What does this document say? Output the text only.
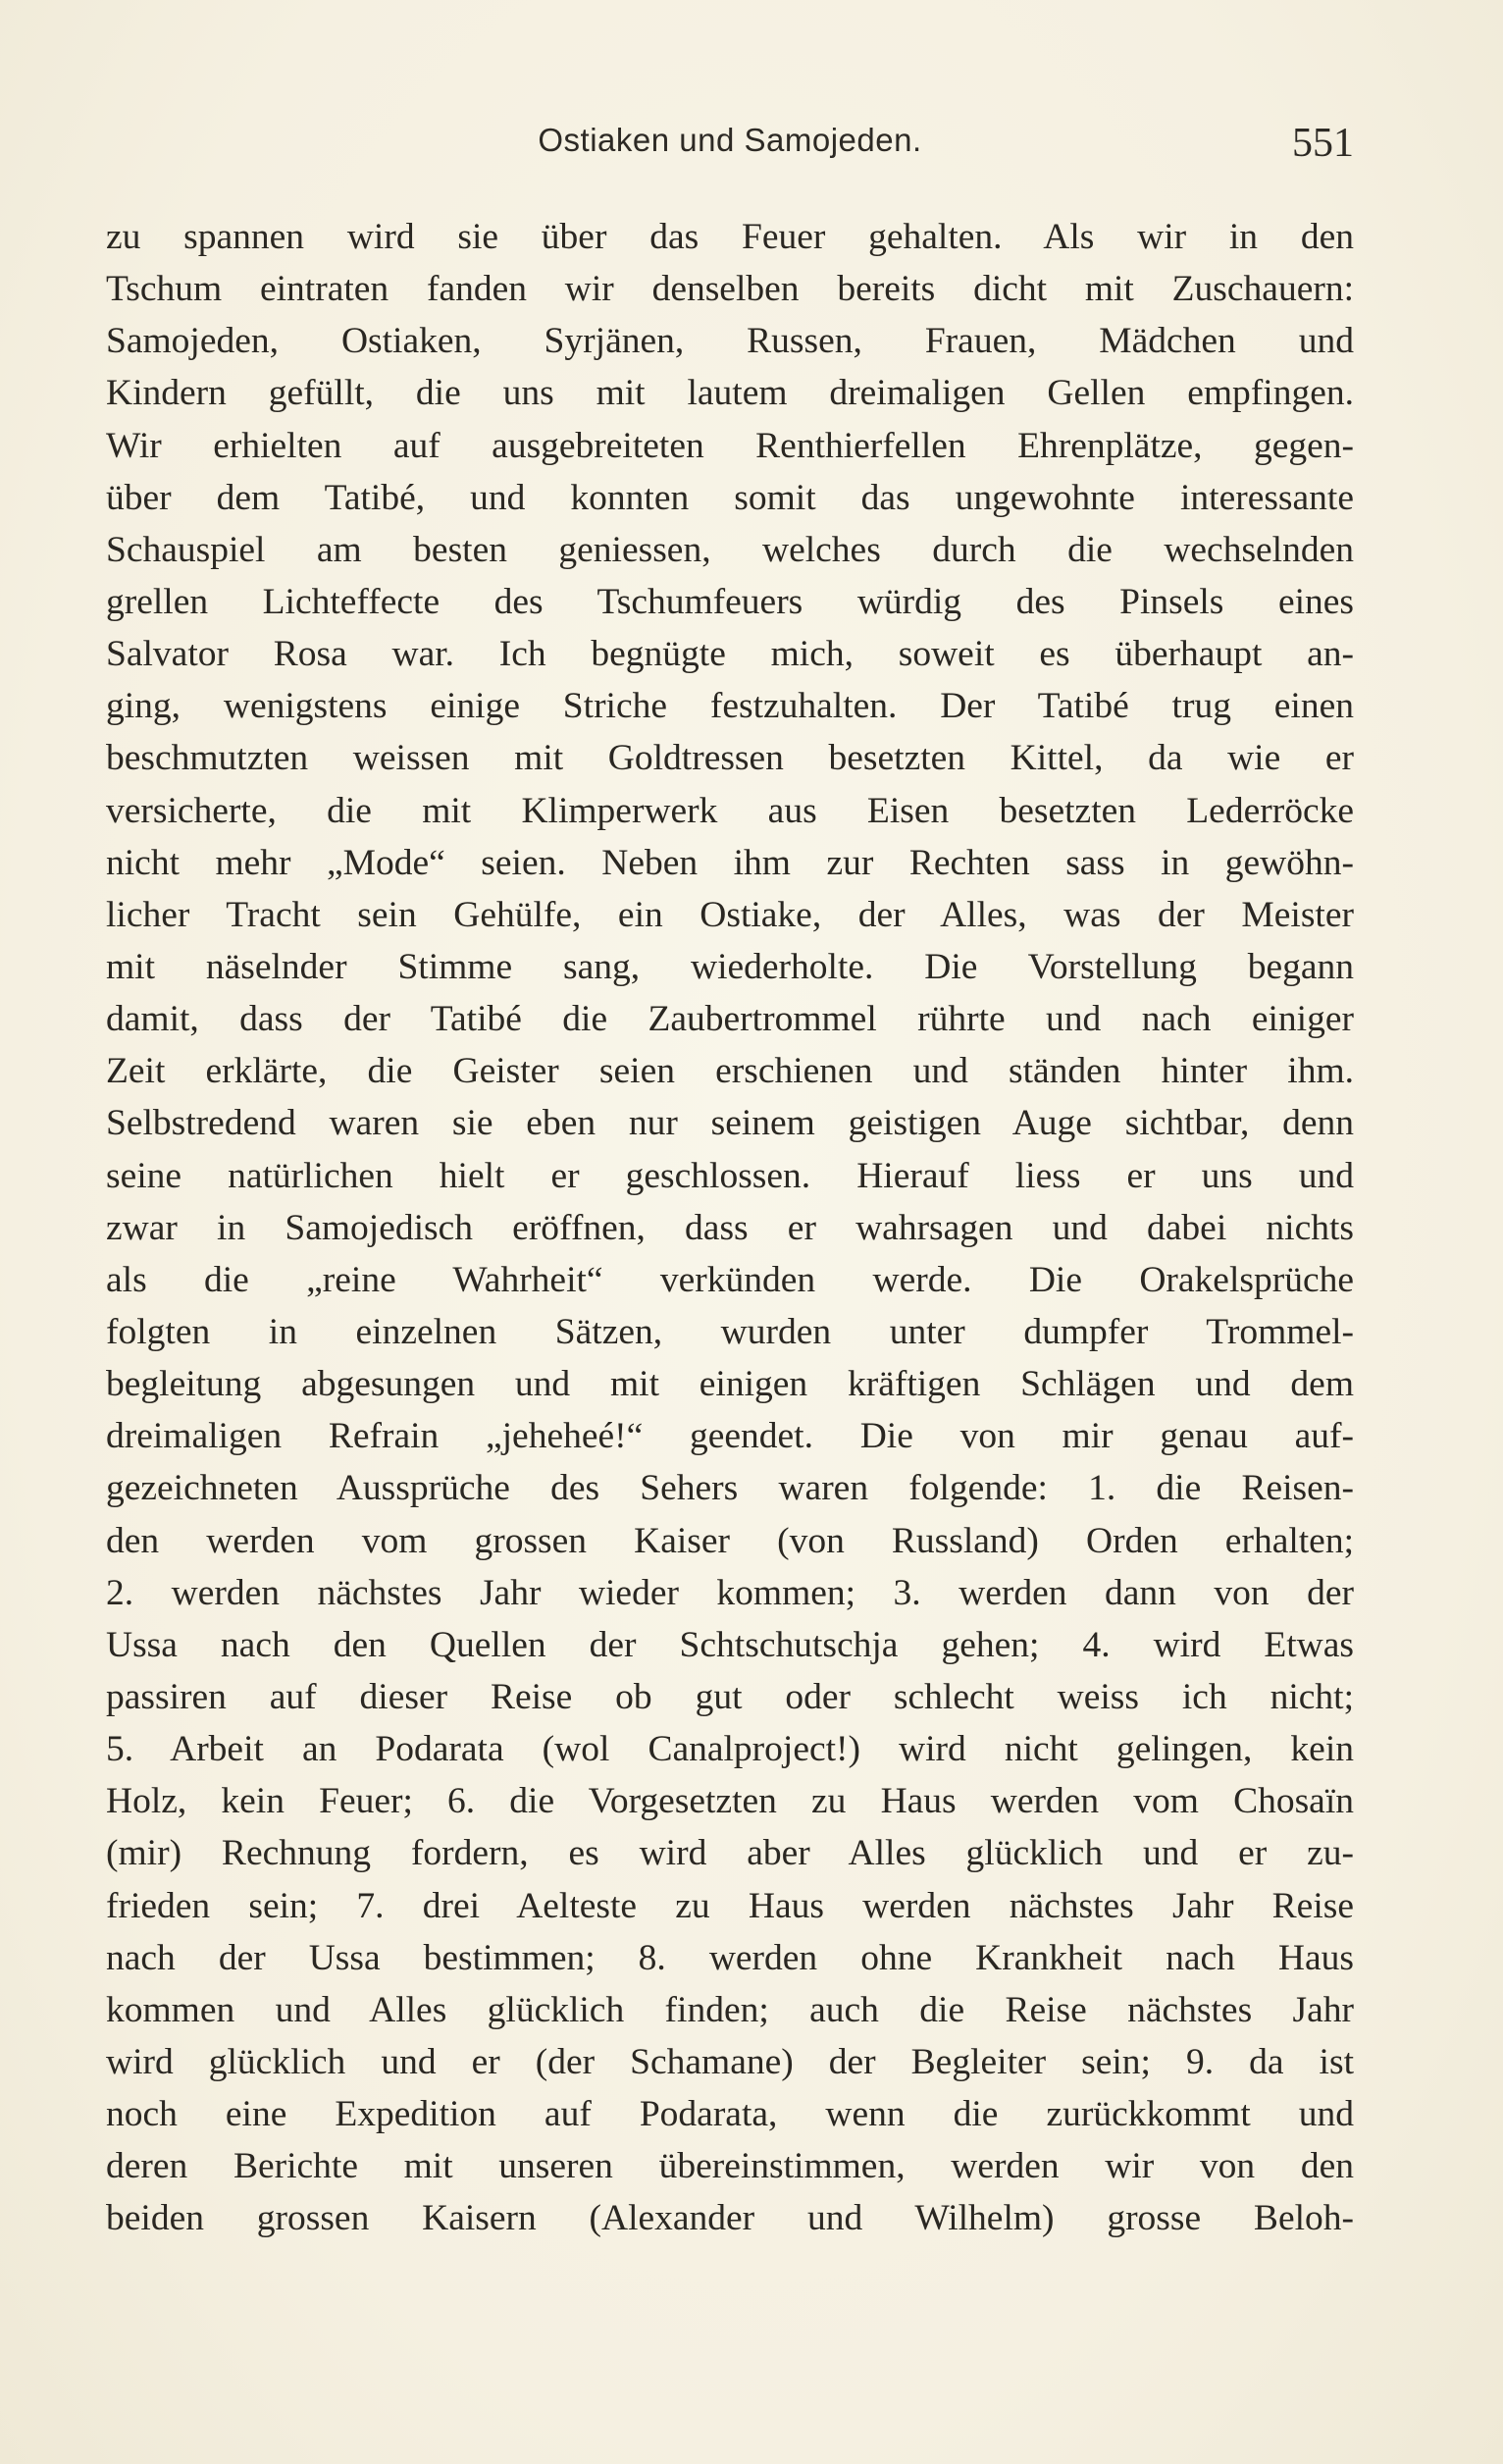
Ostiaken und Samojeden.	551
zu spannen wird sie über das Feuer gehalten. Als wir in den
Tschum eintraten fanden wir denselben bereits dicht mit Zuschauern:
Samojeden, Ostiaken, Syrjänen, Russen, Frauen, Mädchen und
Kindern gefüllt, die uns mit lautem dreimaligen Gellen empfingen.
Wir erhielten auf ausgebreiteten Renthierfellen Ehrenplätze, gegen-
über dem Tatibé, und konnten somit das ungewohnte interessante
Schauspiel am besten geniessen, welches durch die wechselnden
grellen Lichteffecte des Tschumfeuers würdig des Pinsels eines
Salvator Rosa war. Ich begnügte mich, soweit es überhaupt an-
ging, wenigstens einige Striche festzuhalten. Der Tatibé trug einen
beschmutzten weissen mit Goldtressen besetzten Kittel, da wie er
versicherte, die mit Klimperwerk aus Eisen besetzten Lederröcke
nicht mehr „Mode“ seien. Neben ihm zur Rechten sass in gewöhn-
licher Tracht sein Gehülfe, ein Ostiake, der Alles, was der Meister
mit näselnder Stimme sang, wiederholte. Die Vorstellung begann
damit, dass der Tatibé die Zaubertrommel rührte und nach einiger
Zeit erklärte, die Geister seien erschienen und ständen hinter ihm.
Selbstredend waren sie eben nur seinem geistigen Auge sichtbar, denn
seine natürlichen hielt er geschlossen. Hierauf liess er uns und
zwar in Samojedisch eröffnen, dass er wahrsagen und dabei nichts
als die „reine Wahrheit“ verkünden werde. Die Orakelsprüche
folgten in einzelnen Sätzen, wurden unter dumpfer Trommel-
begleitung abgesungen und mit einigen kräftigen Schlägen und dem
dreimaligen Refrain „jeheheé!“ geendet. Die von mir genau auf-
gezeichneten Aussprüche des Sehers waren folgende: 1. die Reisen-
den werden vom grossen Kaiser (von Russland) Orden erhalten;
2. werden nächstes Jahr wieder kommen; 3. werden dann von der
Ussa nach den Quellen der Schtschutschja gehen; 4. wird Etwas
passiren auf dieser Reise ob gut oder schlecht weiss ich nicht;
5. Arbeit an Podarata (wol Canalproject!) wird nicht gelingen, kein
Holz, kein Feuer; 6. die Vorgesetzten zu Haus werden vom Chosaïn
(mir) Rechnung fordern, es wird aber Alles glücklich und er zu-
frieden sein; 7. drei Aelteste zu Haus werden nächstes Jahr Reise
nach der Ussa bestimmen; 8. werden ohne Krankheit nach Haus
kommen und Alles glücklich finden; auch die Reise nächstes Jahr
wird glücklich und er (der Schamane) der Begleiter sein; 9. da ist
noch eine Expedition auf Podarata, wenn die zurückkommt und
deren Berichte mit unseren übereinstimmen, werden wir von den
beiden grossen Kaisern (Alexander und Wilhelm) grosse Beloh-
